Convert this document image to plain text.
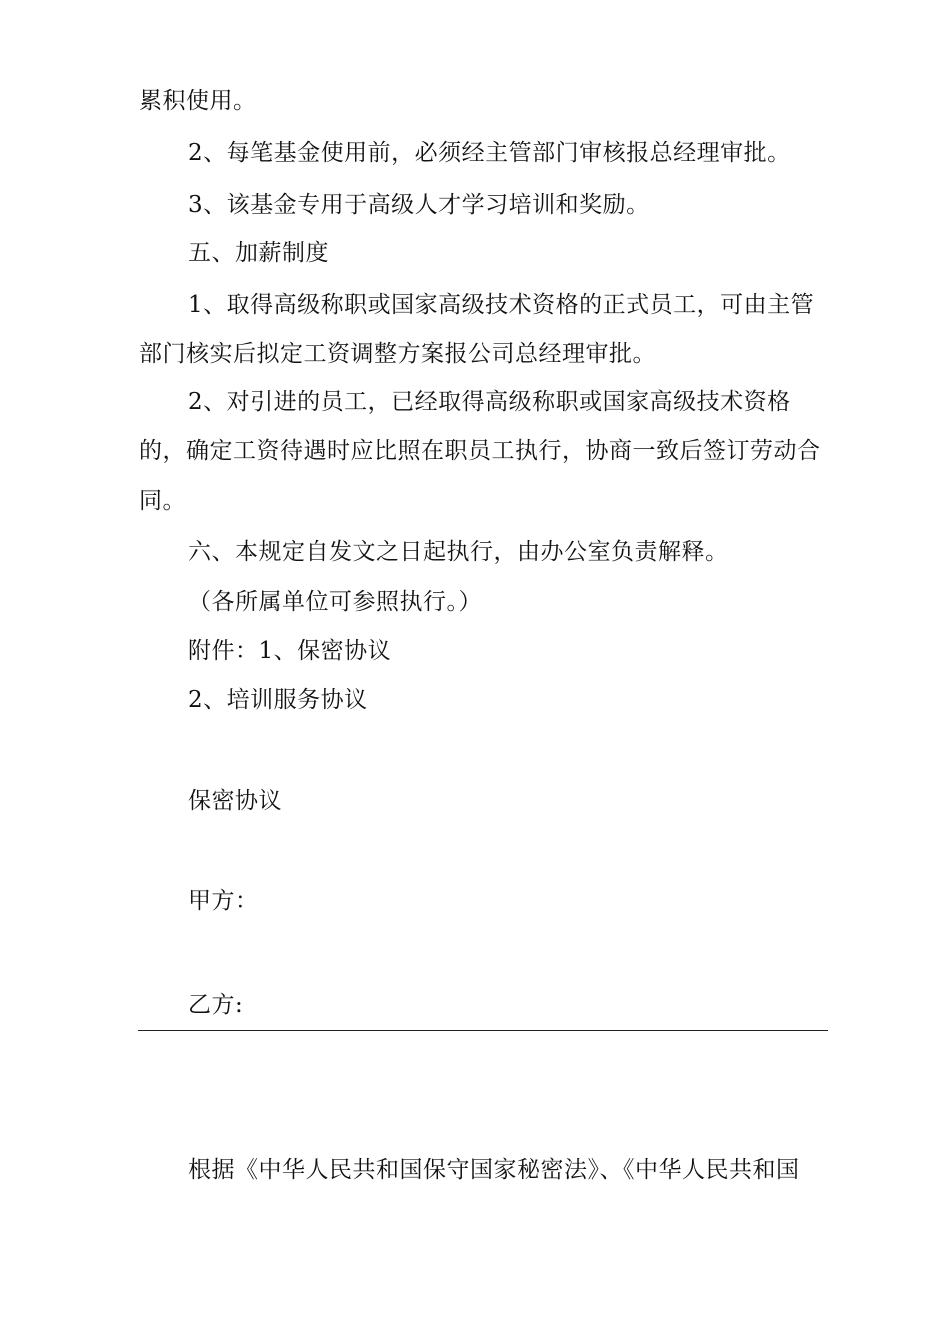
累积使用。
2、每笔基金使用前，必须经主管部门审核报总经理审批。
3、该基金专用于高级人才学习培训和奖励。
五、加薪制度
1、取得高级称职或国家高级技术资格的正式员工，可由主管
部门核实后拟定工资调整方案报公司总经理审批。
2、对引进的员工，已经取得高级称职或国家高级技术资格
的，确定工资待遇时应比照在职员工执行，协商一致后签订劳动合
同。
六、本规定自发文之日起执行，由办公室负责解释。
（各所属单位可参照执行。）
附件：1、保密协议
2、培训服务协议
保密协议
甲方：
乙方:
根据《中华人民共和国保守国家秘密法》、《中华人民共和国
